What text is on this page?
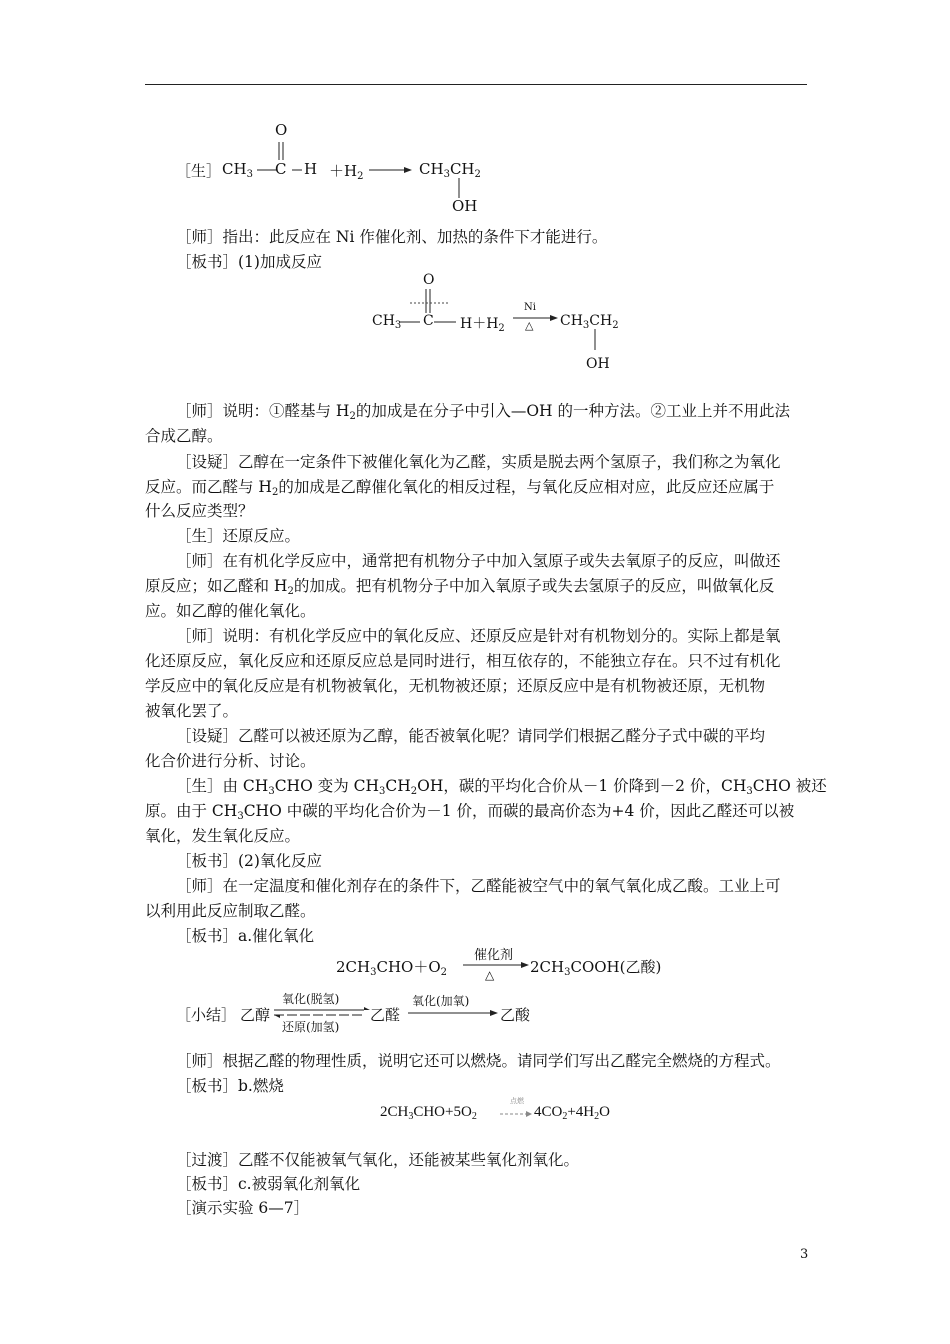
［生］ $CH_3$
O
C $H +H_2$	$CH_3CH_2$
OH
［师］指出：此反应在 Ni 作催化剂、加热的条件下才能进行。
［板书］(1)加成反应
$CH_3$
O
C $H+H_2$
Ni
△ $CH_3CH_2$
OH
［师］说明：①醛基与 $H_2$的加成是在分子中引入—OH 的一种方法。②工业上并不用此法
合成乙醇。
［设疑］乙醇在一定条件下被催化氧化为乙醛，实质是脱去两个氢原子，我们称之为氧化
反应。而乙醛与 $H_2$的加成是乙醇催化氧化的相反过程，与氧化反应相对应，此反应还应属于
什么反应类型？
［生］还原反应。
［师］在有机化学反应中，通常把有机物分子中加入氢原子或失去氧原子的反应，叫做还
原反应；如乙醛和 $H_2$的加成。把有机物分子中加入氧原子或失去氢原子的反应，叫做氧化反
应。如乙醇的催化氧化。
［师］说明：有机化学反应中的氧化反应、还原反应是针对有机物划分的。实际上都是氧
化还原反应，氧化反应和还原反应总是同时进行，相互依存的，不能独立存在。只不过有机化
学反应中的氧化反应是有机物被氧化，无机物被还原；还原反应中是有机物被还原，无机物
被氧化罢了。
［设疑］乙醛可以被还原为乙醇，能否被氧化呢？请同学们根据乙醛分子式中碳的平均
化合价进行分析、讨论。
［生］由 $CH_3CHO$ 变为 $CH_3CH_2OH$，碳的平均化合价从－1 价降到－2 价，$CH_3CHO$ 被还
原。由于 $CH_3CHO$ 中碳的平均化合价为－1 价，而碳的最高价态为+4 价，因此乙醛还可以被
氧化，发生氧化反应。
［板书］(2)氧化反应
［师］在一定温度和催化剂存在的条件下，乙醛能被空气中的氧气氧化成乙酸。工业上可
以利用此反应制取乙醛。
［板书］a.催化氧化
$2CH_3CHO+O_2$
催化剂
△ $2CH_3COOH$(乙酸)
［小结］ 乙醇
氧化(脱氢)
还原(加氢)
乙醛
氧化(加氧)
乙酸
［师］根据乙醛的物理性质，说明它还可以燃烧。请同学们写出乙醛完全燃烧的方程式。
［板书］b.燃烧
$2CH_3CHO+5O_2$
点燃
→ $4CO_2+4H_2O$
［过渡］乙醛不仅能被氧气氧化，还能被某些氧化剂氧化。
［板书］c.被弱氧化剂氧化
［演示实验 6—7］
3
